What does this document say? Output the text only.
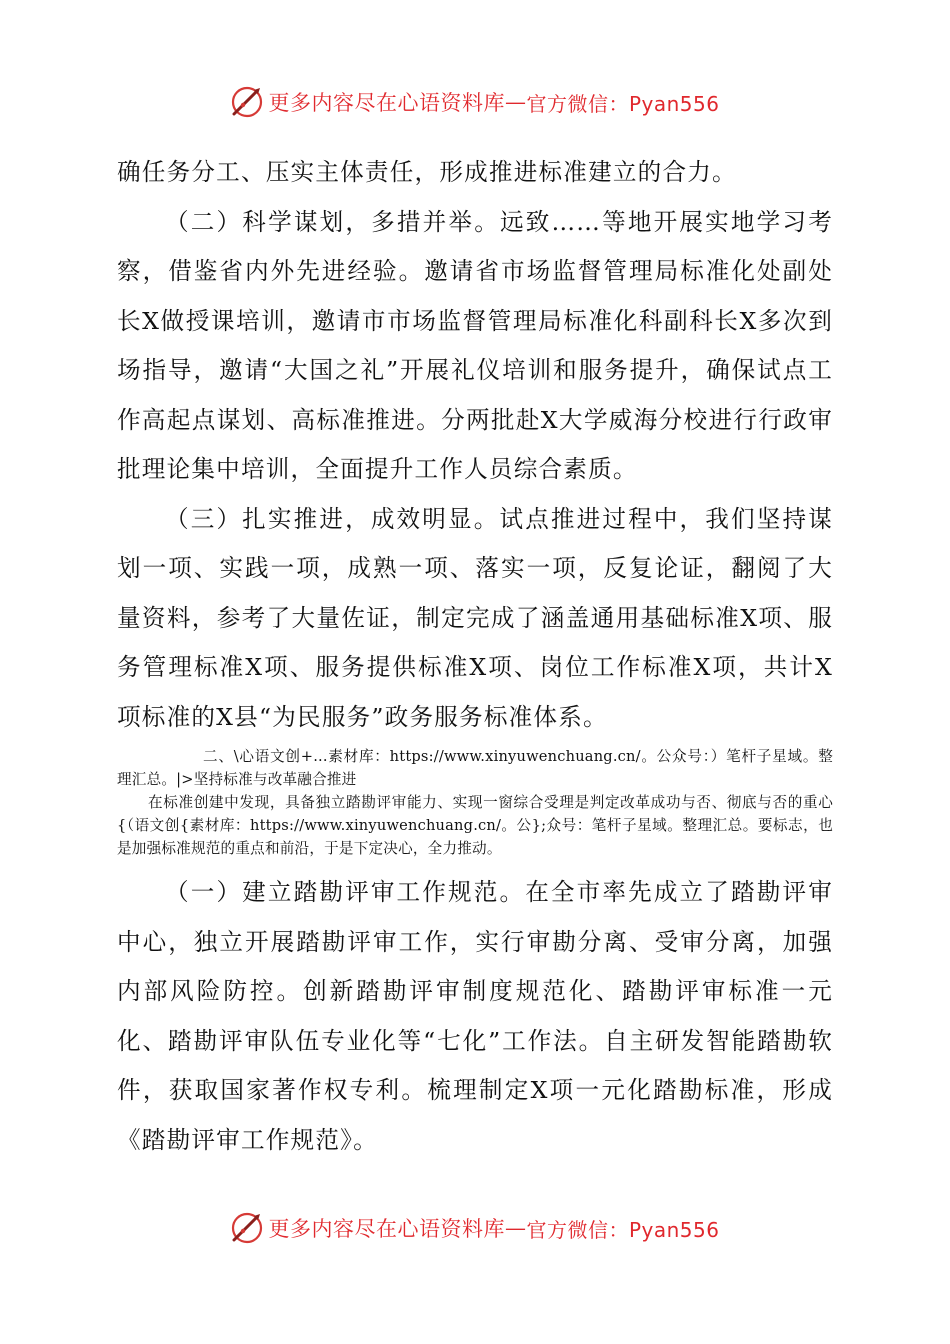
更多内容尽在心语资料库 — 官方微信：Pyan556

确任务分工、压实主体责任，形成推进标准建立的合力。

（二）科学谋划，多措并举。远致……等地开展实地学习考察，借鉴省内外先进经验。邀请省市场监督管理局标准化处副处长X做授课培训，邀请市市场监督管理局标准化科副科长X多次到场指导，邀请“大国之礼”开展礼仪培训和服务提升，确保试点工作高起点谋划、高标准推进。分两批赴X大学威海分校进行行政审批理论集中培训，全面提升工作人员综合素质。

（三）扎实推进，成效明显。试点推进过程中，我们坚持谋划一项、实践一项，成熟一项、落实一项，反复论证，翻阅了大量资料，参考了大量佐证，制定完成了涵盖通用基础标准X项、服务管理标准X项、服务提供标准X项、岗位工作标准X项，共计X项标准的X县“为民服务”政务服务标准体系。

二、\心语文创+...素材库：https://www.xinyuwenchuang.cn/。公众号：）笔杆子星域。整理汇总。|>坚持标准与改革融合推进

在标准创建中发现，具备独立踏勘评审能力、实现一窗综合受理是判定改革成功与否、彻底与否的重心{（语文创{素材库：https://www.xinyuwenchuang.cn/。公};众号：笔杆子星域。整理汇总。要标志，也是加强标准规范的重点和前沿，于是下定决心，全力推动。

（一）建立踏勘评审工作规范。在全市率先成立了踏勘评审中心，独立开展踏勘评审工作，实行审勘分离、受审分离，加强内部风险防控。创新踏勘评审制度规范化、踏勘评审标准一元化、踏勘评审队伍专业化等“七化”工作法。自主研发智能踏勘软件，获取国家著作权专利。梳理制定X项一元化踏勘标准，形成《踏勘评审工作规范》。

更多内容尽在心语资料库 — 官方微信：Pyan556
